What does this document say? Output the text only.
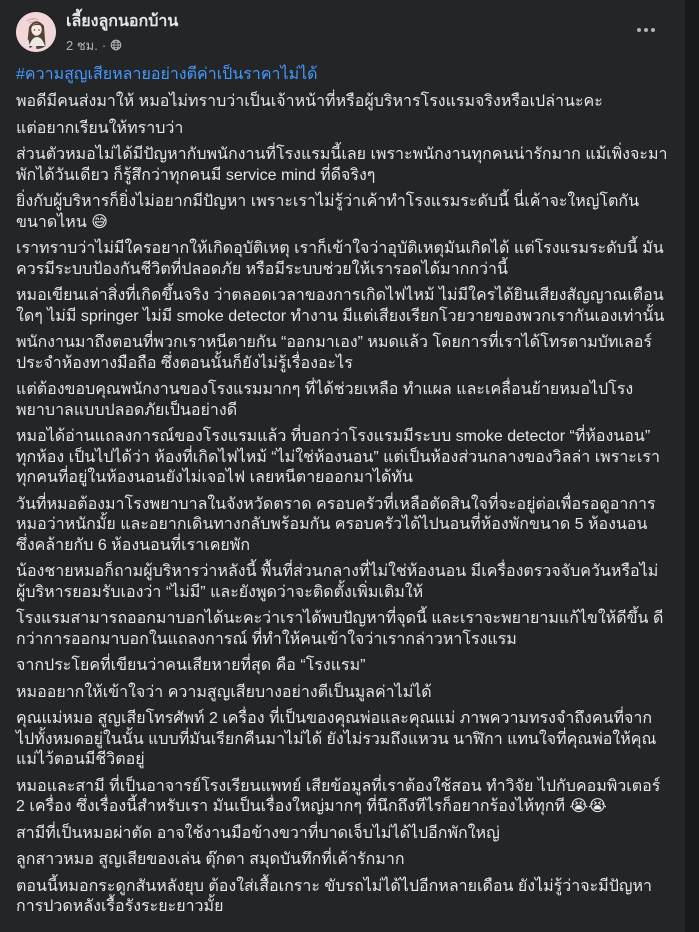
เลี้ยงลูกนอกบ้าน
2 ชม. ·
#ความสูญเสียหลายอย่างตีค่าเป็นราคาไม่ได้

พอดีมีคนส่งมาให้ หมอไม่ทราบว่าเป็นเจ้าหน้าที่หรือผู้บริหารโรงแรมจริงหรือเปล่านะคะ

แต่อยากเรียนให้ทราบว่า

ส่วนตัวหมอไม่ได้มีปัญหากับพนักงานที่โรงแรมนี้เลย เพราะพนักงานทุกคนน่ารักมาก แม้เพิ่งจะมาพักได้วันเดียว ก็รู้สึกว่าทุกคนมี service mind ที่ดีจริงๆ

ยิ่งกับผู้บริหารก็ยิ่งไม่อยากมีปัญหา เพราะเราไม่รู้ว่าเค้าทำโรงแรมระดับนี้ นี่เค้าจะใหญ่โตกันขนาดไหน 😅

เราทราบว่าไม่มีใครอยากให้เกิดอุบัติเหตุ เราก็เข้าใจว่าอุบัติเหตุมันเกิดได้ แต่โรงแรมระดับนี้ มันควรมีระบบป้องกันชีวิตที่ปลอดภัย หรือมีระบบช่วยให้เรารอดได้มากกว่านี้

หมอเขียนเล่าสิ่งที่เกิดขึ้นจริง ว่าตลอดเวลาของการเกิดไฟไหม้ ไม่มีใครได้ยินเสียงสัญญาณเตือนใดๆ ไม่มี springer ไม่มี smoke detector ทำงาน มีแต่เสียงเรียกโวยวายของพวกเรากันเองเท่านั้น

พนักงานมาถึงตอนที่พวกเราหนีตายกัน “ออกมาเอง” หมดแล้ว โดยการที่เราได้โทรตามบัทเลอร์ประจำห้องทางมือถือ ซึ่งตอนนั้นก็ยังไม่รู้เรื่องอะไร

แต่ต้องขอบคุณพนักงานของโรงแรมมากๆ ที่ได้ช่วยเหลือ ทำแผล และเคลื่อนย้ายหมอไปโรงพยาบาลแบบปลอดภัยเป็นอย่างดี

หมอได้อ่านแถลงการณ์ของโรงแรมแล้ว ที่บอกว่าโรงแรมมีระบบ smoke detector “ที่ห้องนอน” ทุกห้อง เป็นไปได้ว่า ห้องที่เกิดไฟไหม้ “ไม่ใช่ห้องนอน” แต่เป็นห้องส่วนกลางของวิลล่า เพราะเราทุกคนที่อยู่ในห้องนอนยังไม่เจอไฟ เลยหนีตายออกมาได้ทัน

วันที่หมอต้องมาโรงพยาบาลในจังหวัดตราด ครอบครัวที่เหลือตัดสินใจที่จะอยู่ต่อเพื่อรอดูอาการหมอว่าหนักมั้ย และอยากเดินทางกลับพร้อมกัน ครอบครัวได้ไปนอนที่ห้องพักขนาด 5 ห้องนอน ซึ่งคล้ายกับ 6 ห้องนอนที่เราเคยพัก

น้องชายหมอก็ถามผู้บริหารว่าหลังนี้ พื้นที่ส่วนกลางที่ไม่ใช่ห้องนอน มีเครื่องตรวจจับควันหรือไม่ ผู้บริหารยอมรับเองว่า “ไม่มี” และยังพูดว่าจะติดตั้งเพิ่มเติมให้

โรงแรมสามารถออกมาบอกได้นะคะว่าเราได้พบปัญหาที่จุดนี้ และเราจะพยายามแก้ไขให้ดีขึ้น ดีกว่าการออกมาบอกในแถลงการณ์ ที่ทำให้คนเข้าใจว่าเรากล่าวหาโรงแรม

จากประโยคที่เขียนว่าคนเสียหายที่สุด คือ “โรงแรม”

หมออยากให้เข้าใจว่า ความสูญเสียบางอย่างตีเป็นมูลค่าไม่ได้

คุณแม่หมอ สูญเสียโทรศัพท์ 2 เครื่อง ที่เป็นของคุณพ่อและคุณแม่ ภาพความทรงจำถึงคนที่จากไปทั้งหมดอยู่ในนั้น แบบที่มันเรียกคืนมาไม่ได้ ยังไม่รวมถึงแหวน นาฬิกา แทนใจที่คุณพ่อให้คุณแม่ไว้ตอนมีชีวิตอยู่

หมอและสามี ที่เป็นอาจารย์โรงเรียนแพทย์ เสียข้อมูลที่เราต้องใช้สอน ทำวิจัย ไปกับคอมพิวเตอร์ 2 เครื่อง ซึ่งเรื่องนี้สำหรับเรา มันเป็นเรื่องใหญ่มากๆ ที่นึกถึงทีไรก็อยากร้องไห้ทุกที 😭😭

สามีที่เป็นหมอผ่าตัด อาจใช้งานมือข้างขวาที่บาดเจ็บไม่ได้ไปอีกพักใหญ่

ลูกสาวหมอ สูญเสียของเล่น ตุ๊กตา สมุดบันทึกที่เค้ารักมาก

ตอนนี้หมอกระดูกสันหลังยุบ ต้องใส่เสื้อเกราะ ขับรถไม่ได้ไปอีกหลายเดือน ยังไม่รู้ว่าจะมีปัญหาการปวดหลังเรื้อรังระยะยาวมั้ย
